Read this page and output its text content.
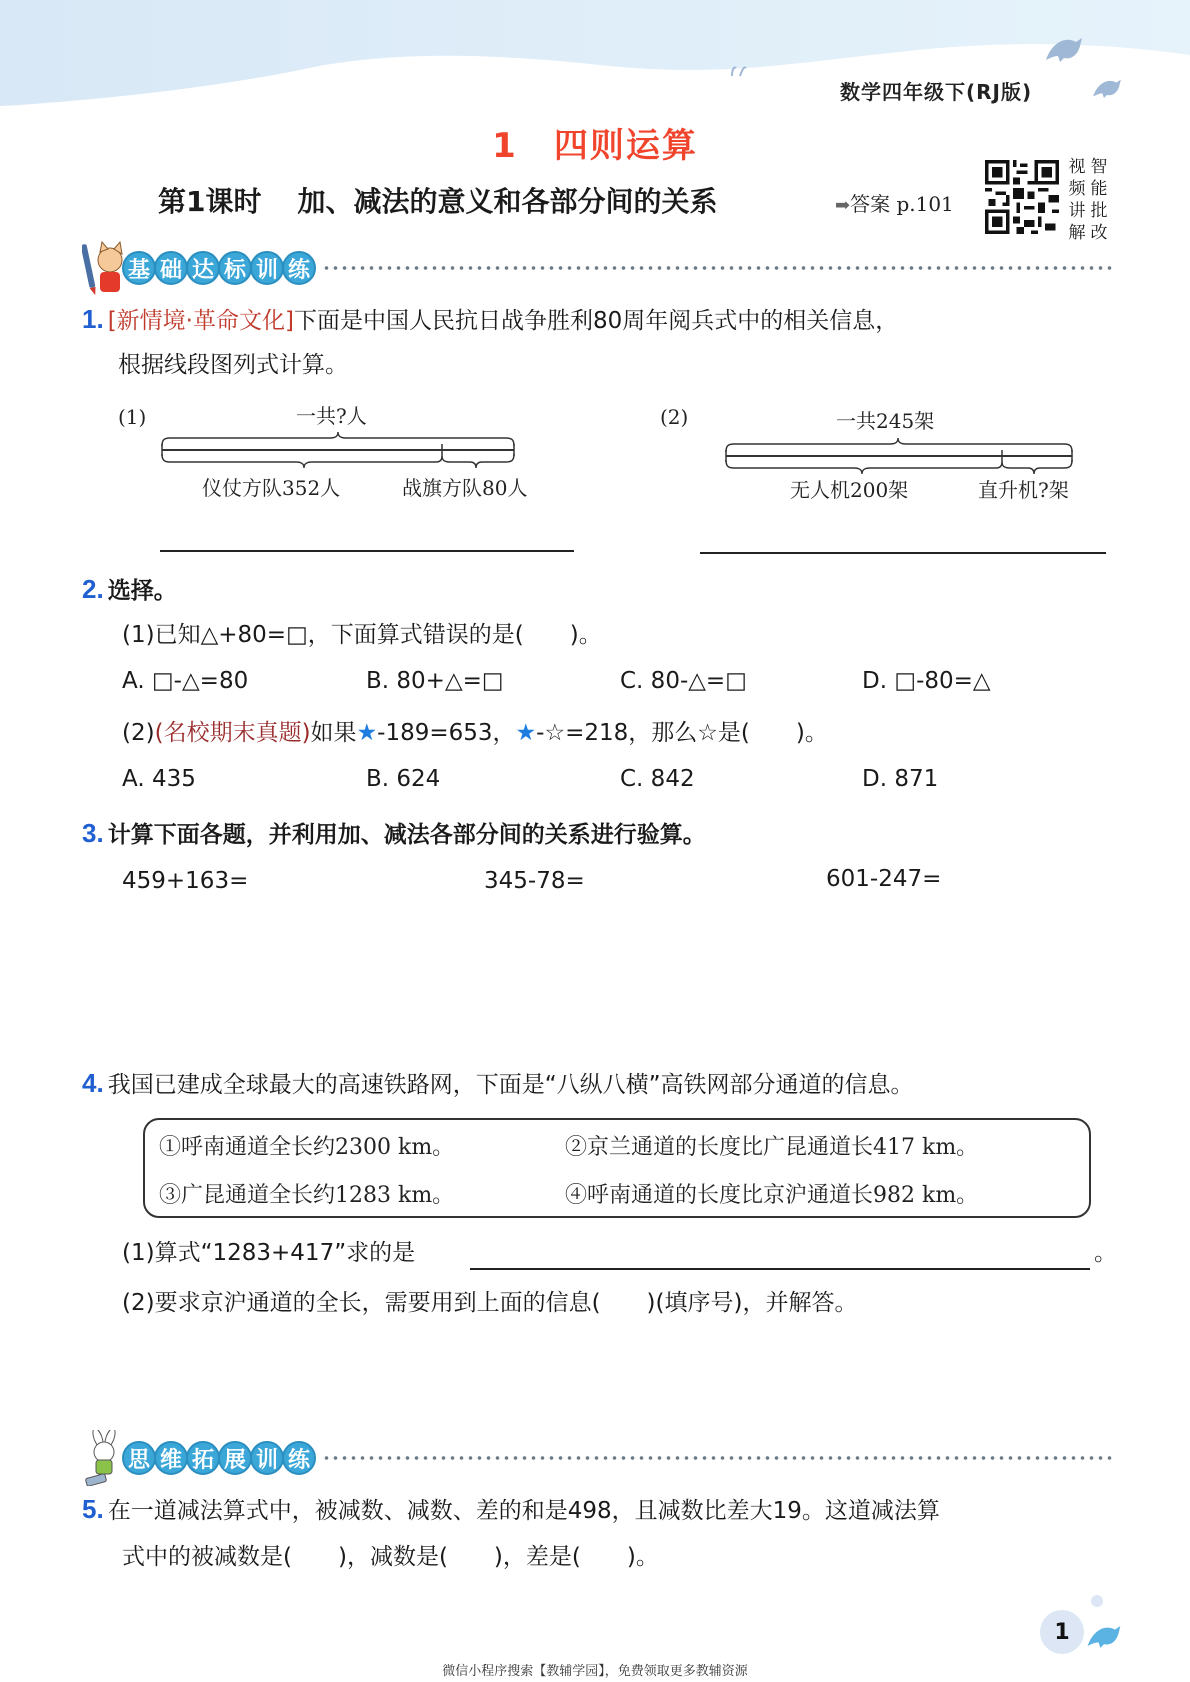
数学四年级下(RJ版)
1 四则运算
第1课时 加、减法的意义和各部分间的关系	➡答案 p.101
视 智
频 能
讲 批
解 改
基 础 达 标 训 练
1. [新情境·革命文化]下面是中国人民抗日战争胜利80周年阅兵式中的相关信息，
根据线段图列式计算。
(1)	一共?人
仪仗方队352人	战旗方队80人
(2)	一共245架
无人机200架	直升机?架
2. 选择。
(1)已知△+80=□，下面算式错误的是(　　)。
A. □-△=80	B. 80+△=□	C. 80-△=□	D. □-80=△
(2)(名校期末真题)如果★-189=653，★-☆=218，那么☆是(　　)。
A. 435	B. 624	C. 842	D. 871
3. 计算下面各题，并利用加、减法各部分间的关系进行验算。
459+163=	345-78=	601-247=
4. 我国已建成全球最大的高速铁路网，下面是“八纵八横”高铁网部分通道的信息。
①呼南通道全长约2300 km。	②京兰通道的长度比广昆通道长417 km。
③广昆通道全长约1283 km。	④呼南通道的长度比京沪通道长982 km。
(1)算式“1283+417”求的是	。
(2)要求京沪通道的全长，需要用到上面的信息(　　)(填序号)，并解答。
思 维 拓 展 训 练
5. 在一道减法算式中，被减数、减数、差的和是498，且减数比差大19。这道减法算
式中的被减数是(　　)，减数是(　　)，差是(　　)。
1
微信小程序搜索【教辅学园】，免费领取更多教辅资源
